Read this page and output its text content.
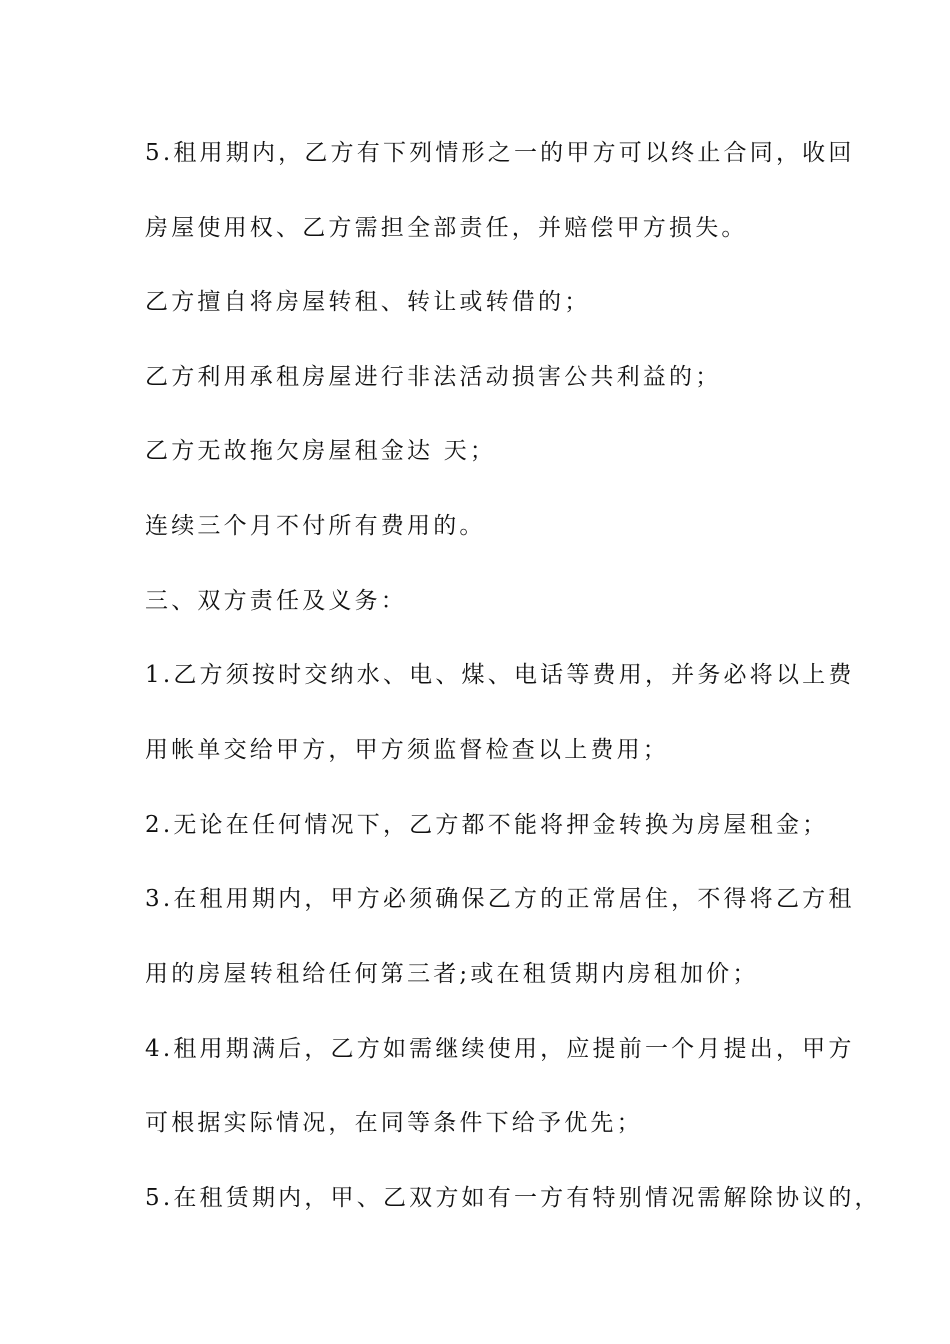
5.租用期内，乙方有下列情形之一的甲方可以终止合同，收回
房屋使用权、乙方需担全部责任，并赔偿甲方损失。
乙方擅自将房屋转租、转让或转借的；
乙方利用承租房屋进行非法活动损害公共利益的；
乙方无故拖欠房屋租金达 天；
连续三个月不付所有费用的。
三、双方责任及义务：
1.乙方须按时交纳水、电、煤、电话等费用，并务必将以上费
用帐单交给甲方，甲方须监督检查以上费用；
2.无论在任何情况下，乙方都不能将押金转换为房屋租金；
3.在租用期内，甲方必须确保乙方的正常居住，不得将乙方租
用的房屋转租给任何第三者;或在租赁期内房租加价；
4.租用期满后，乙方如需继续使用，应提前一个月提出，甲方
可根据实际情况，在同等条件下给予优先；
5.在租赁期内，甲、乙双方如有一方有特别情况需解除协议的，
